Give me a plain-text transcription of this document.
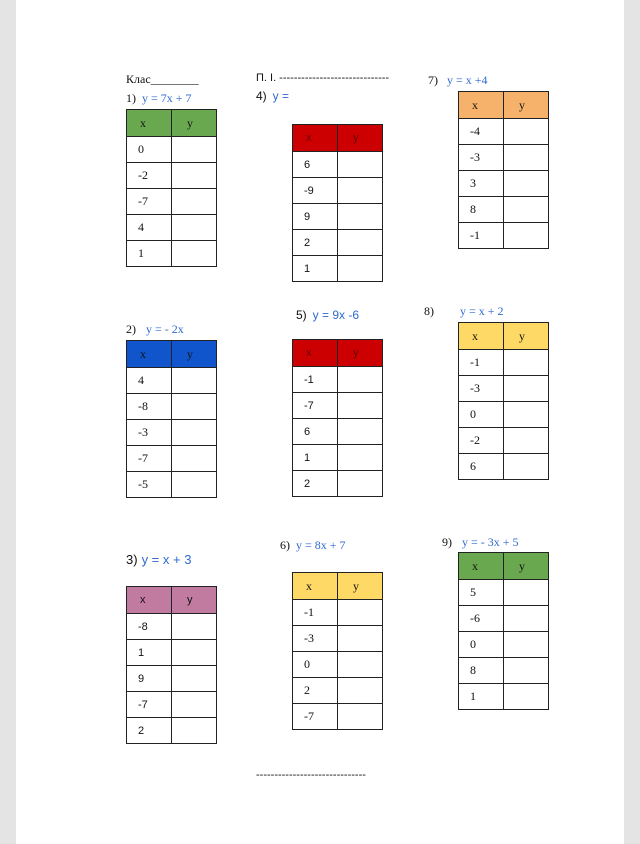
Клас________	П. І. ------------------------------
1) y = 7x + 7
x	y
0	
-2	
-7	
4	
1	
2) y = - 2x
x	y
4	
-8	
-3	
-7	
-5	
3) y = x + 3
x	y
-8	
1	
9	
-7	
2	
4) y =
x	y
6	
-9	
9	
2	
1	
5) y = 9x -6
x	y
-1	
-7	
6	
1	
2	
6) y = 8x + 7
x	y
-1	
-3	
0	
2	
-7	
7) y = x +4
x	y
-4	
-3	
3	
8	
-1	
8) y = x + 2
x	y
-1	
-3	
0	
-2	
6	
9) y = - 3x + 5
x	y
5	
-6	
0	
8	
1	
------------------------------
